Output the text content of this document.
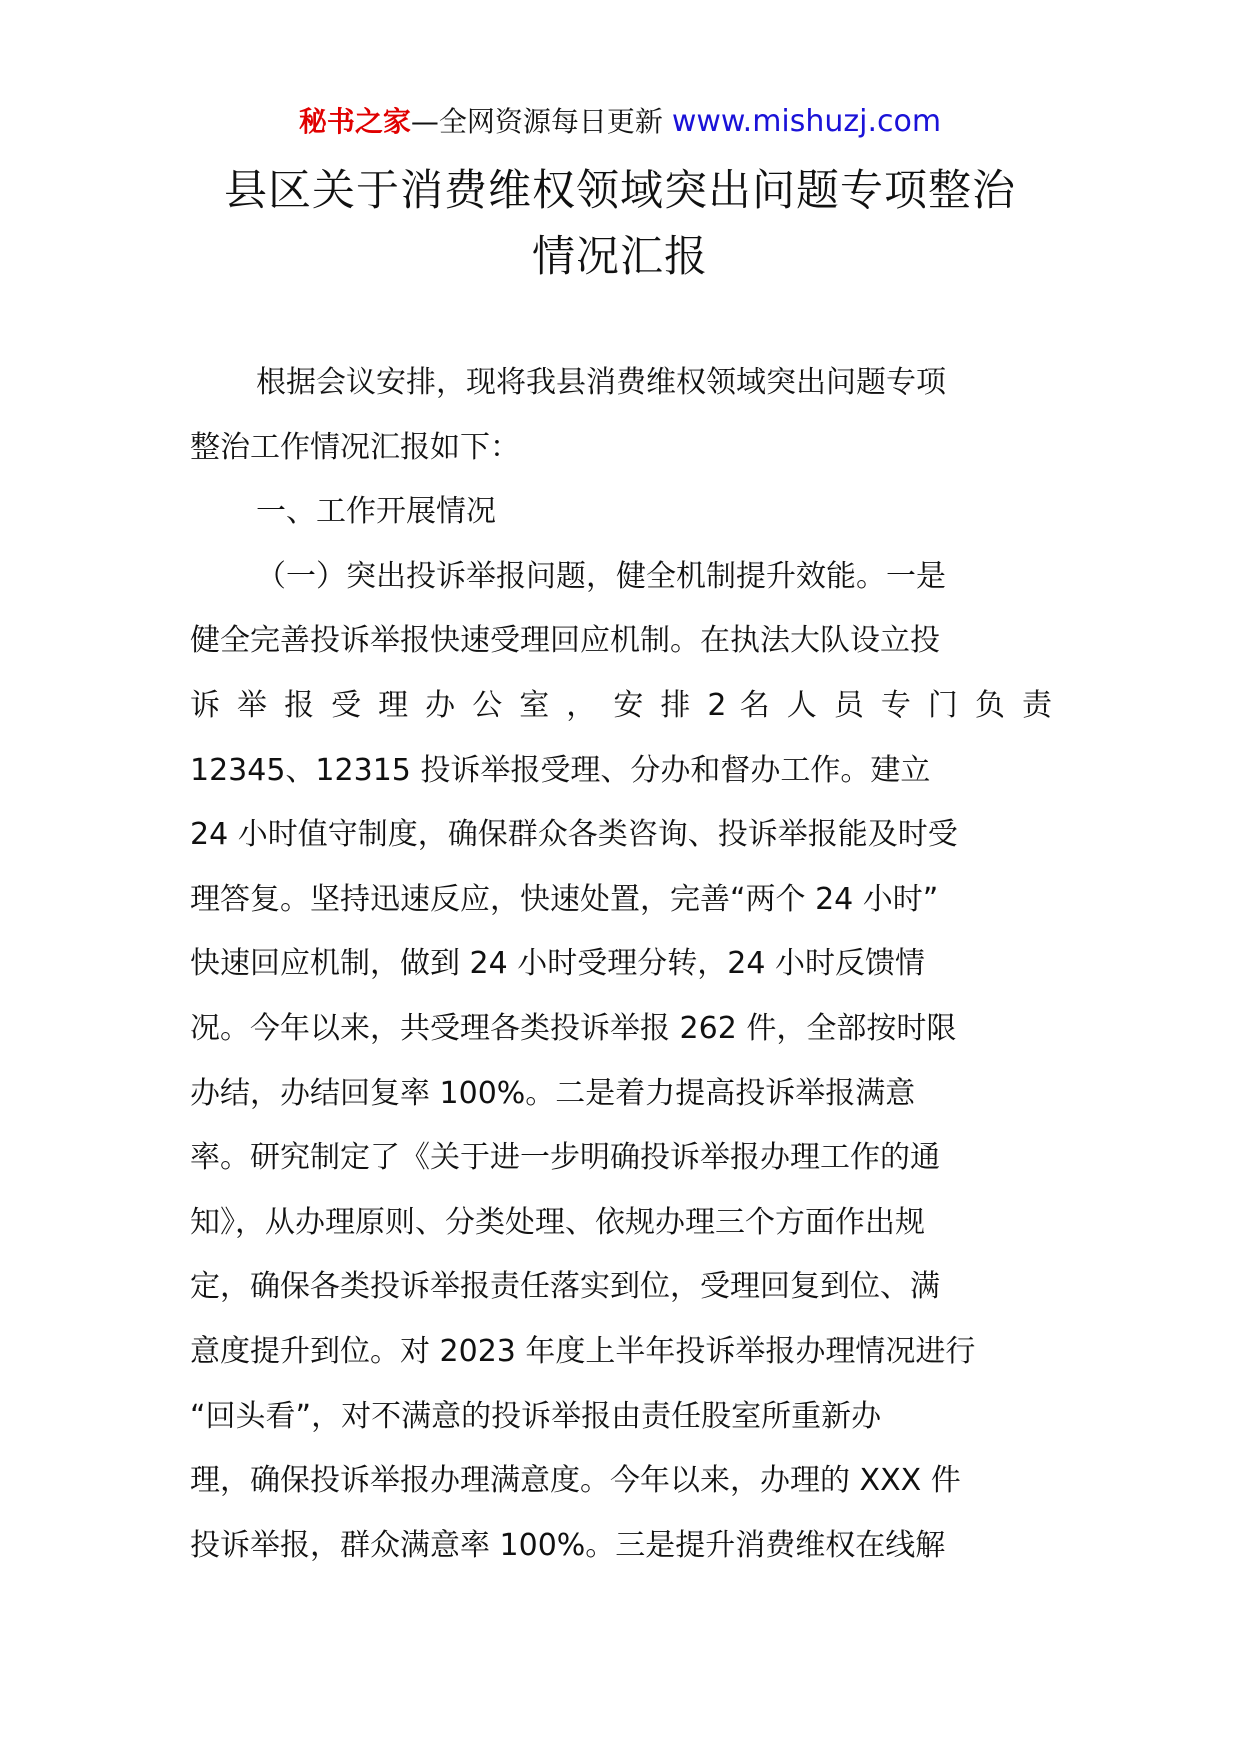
秘书之家—全网资源每日更新 www.mishuzj.com
县区关于消费维权领域突出问题专项整治
情况汇报
根据会议安排，现将我县消费维权领域突出问题专项
整治工作情况汇报如下：
一、工作开展情况
（一）突出投诉举报问题，健全机制提升效能。一是
健全完善投诉举报快速受理回应机制。在执法大队设立投
诉 举 报 受 理 办 公 室 ， 安 排 2 名 人 员 专 门 负 责
12345、12315 投诉举报受理、分办和督办工作。建立
24 小时值守制度，确保群众各类咨询、投诉举报能及时受
理答复。坚持迅速反应，快速处置，完善“两个 24 小时”
快速回应机制，做到 24 小时受理分转，24 小时反馈情
况。今年以来，共受理各类投诉举报 262 件，全部按时限
办结，办结回复率 100%。二是着力提高投诉举报满意
率。研究制定了《关于进一步明确投诉举报办理工作的通
知》，从办理原则、分类处理、依规办理三个方面作出规
定，确保各类投诉举报责任落实到位，受理回复到位、满
意度提升到位。对 2023 年度上半年投诉举报办理情况进行
“回头看”，对不满意的投诉举报由责任股室所重新办
理，确保投诉举报办理满意度。今年以来，办理的 XXX 件
投诉举报，群众满意率 100%。三是提升消费维权在线解
